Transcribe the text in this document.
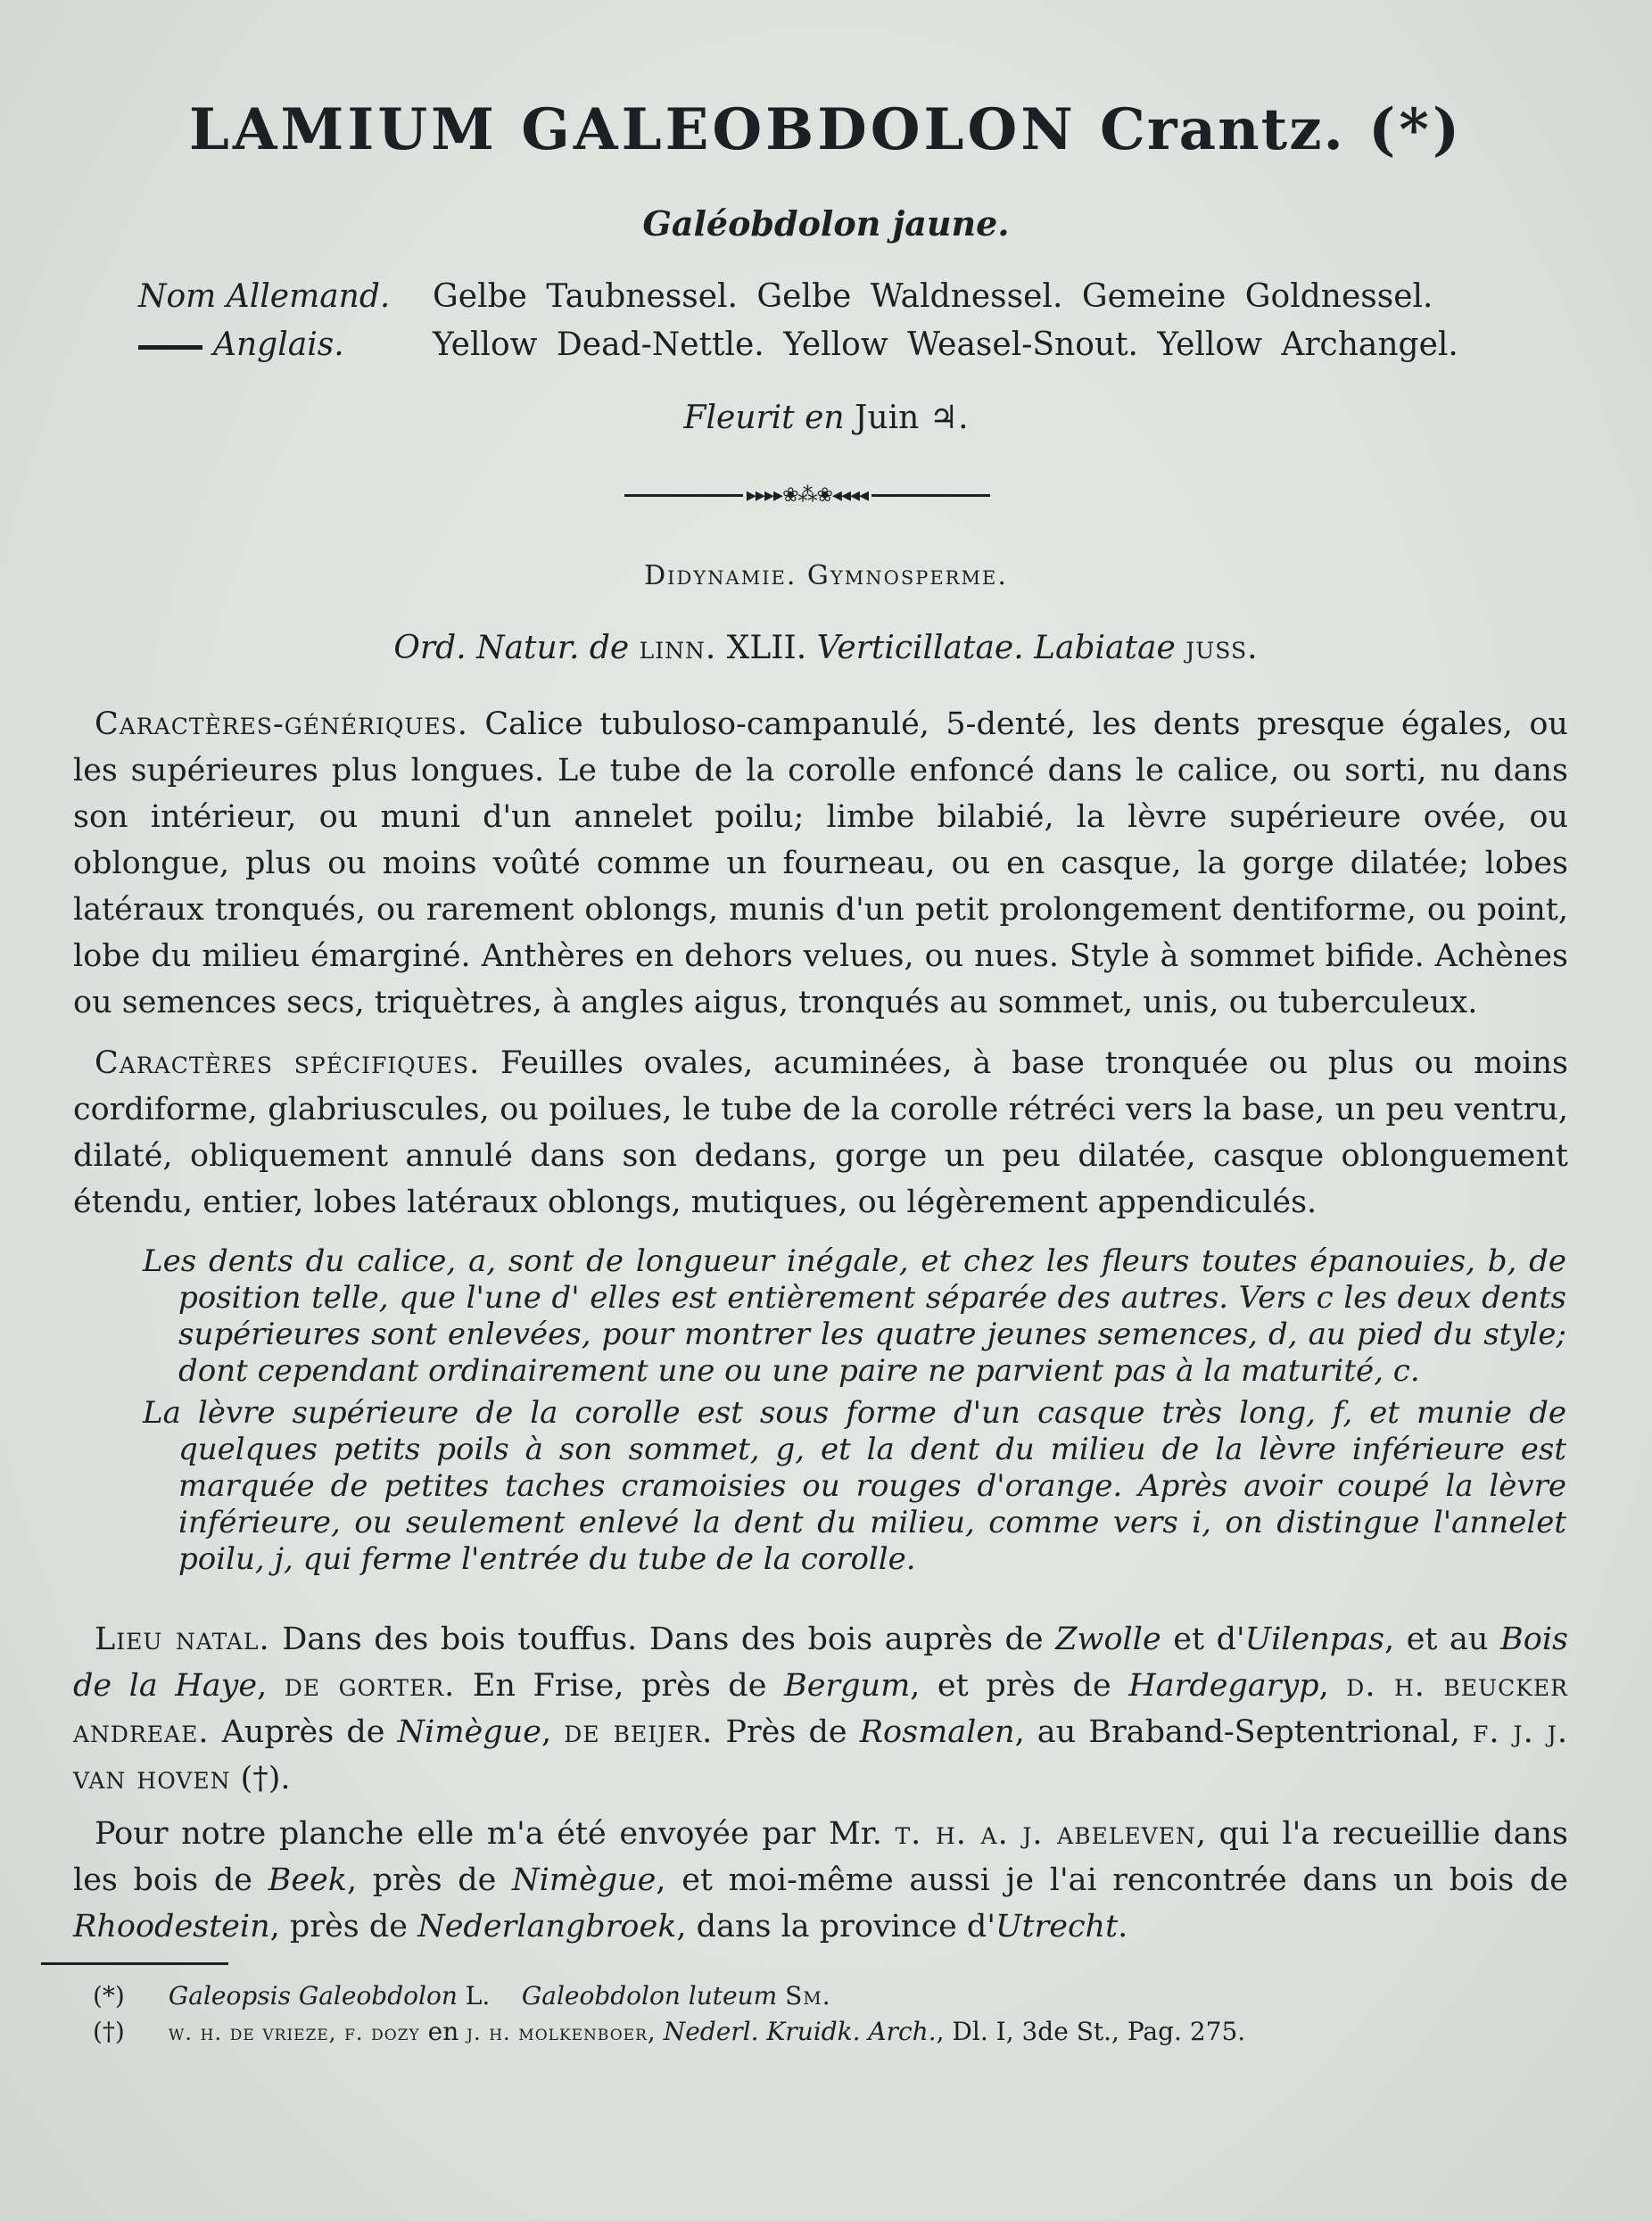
LAMIUM GALEOBDOLON Crantz. (*)
Galéobdolon jaune.
Nom Allemand.	Gelbe Taubnessel. Gelbe Waldnessel. Gemeine Goldnessel.
Anglais.	Yellow Dead-Nettle. Yellow Weasel-Snout. Yellow Archangel.
Fleurit en Juin ♃.
▸▸▸▸❀⁂❀◂◂◂◂
Didynamie. Gymnosperme.
Ord. Natur. de linn. XLII. Verticillatae. Labiatae juss.
Caractères-génériques. Calice tubuloso-campanulé, 5-denté, les dents presque égales, ou les supérieures plus longues. Le tube de la corolle enfoncé dans le calice, ou sorti, nu dans son intérieur, ou muni d'un annelet poilu; limbe bilabié, la lèvre supérieure ovée, ou oblongue, plus ou moins voûté comme un fourneau, ou en casque, la gorge dilatée; lobes latéraux tronqués, ou rarement oblongs, munis d'un petit prolongement dentiforme, ou point, lobe du milieu émarginé. Anthères en dehors velues, ou nues. Style à sommet bifide. Achènes ou semences secs, triquètres, à angles aigus, tronqués au sommet, unis, ou tuberculeux.
Caractères spécifiques. Feuilles ovales, acuminées, à base tronquée ou plus ou moins cordiforme, glabriuscules, ou poilues, le tube de la corolle rétréci vers la base, un peu ventru, dilaté, obliquement annulé dans son dedans, gorge un peu dilatée, casque oblonguement étendu, entier, lobes latéraux oblongs, mutiques, ou légèrement appendiculés.
Les dents du calice, a, sont de longueur inégale, et chez les fleurs toutes épanouies, b, de position telle, que l'une d' elles est entièrement séparée des autres. Vers c les deux dents supérieures sont enlevées, pour montrer les quatre jeunes semences, d, au pied du style; dont cependant ordinairement une ou une paire ne parvient pas à la maturité, c.
La lèvre supérieure de la corolle est sous forme d'un casque très long, f, et munie de quelques petits poils à son sommet, g, et la dent du milieu de la lèvre inférieure est marquée de petites taches cramoisies ou rouges d'orange. Après avoir coupé la lèvre inférieure, ou seulement enlevé la dent du milieu, comme vers i, on distingue l'annelet poilu, j, qui ferme l'entrée du tube de la corolle.
Lieu natal. Dans des bois touffus. Dans des bois auprès de Zwolle et d'Uilenpas, et au Bois de la Haye, de gorter. En Frise, près de Bergum, et près de Hardegaryp, d. h. beucker andreae. Auprès de Nimègue, de beijer. Près de Rosmalen, au Braband-Septentrional, f. j. j. van hoven (†).
Pour notre planche elle m'a été envoyée par Mr. t. h. a. j. abeleven, qui l'a recueillie dans les bois de Beek, près de Nimègue, et moi-même aussi je l'ai rencontrée dans un bois de Rhoodestein, près de Nederlangbroek, dans la province d'Utrecht.
(*) Galeopsis Galeobdolon L. Galeobdolon luteum Sm.
(†) w. h. de vrieze, f. dozy en j. h. molkenboer, Nederl. Kruidk. Arch., Dl. I, 3de St., Pag. 275.
